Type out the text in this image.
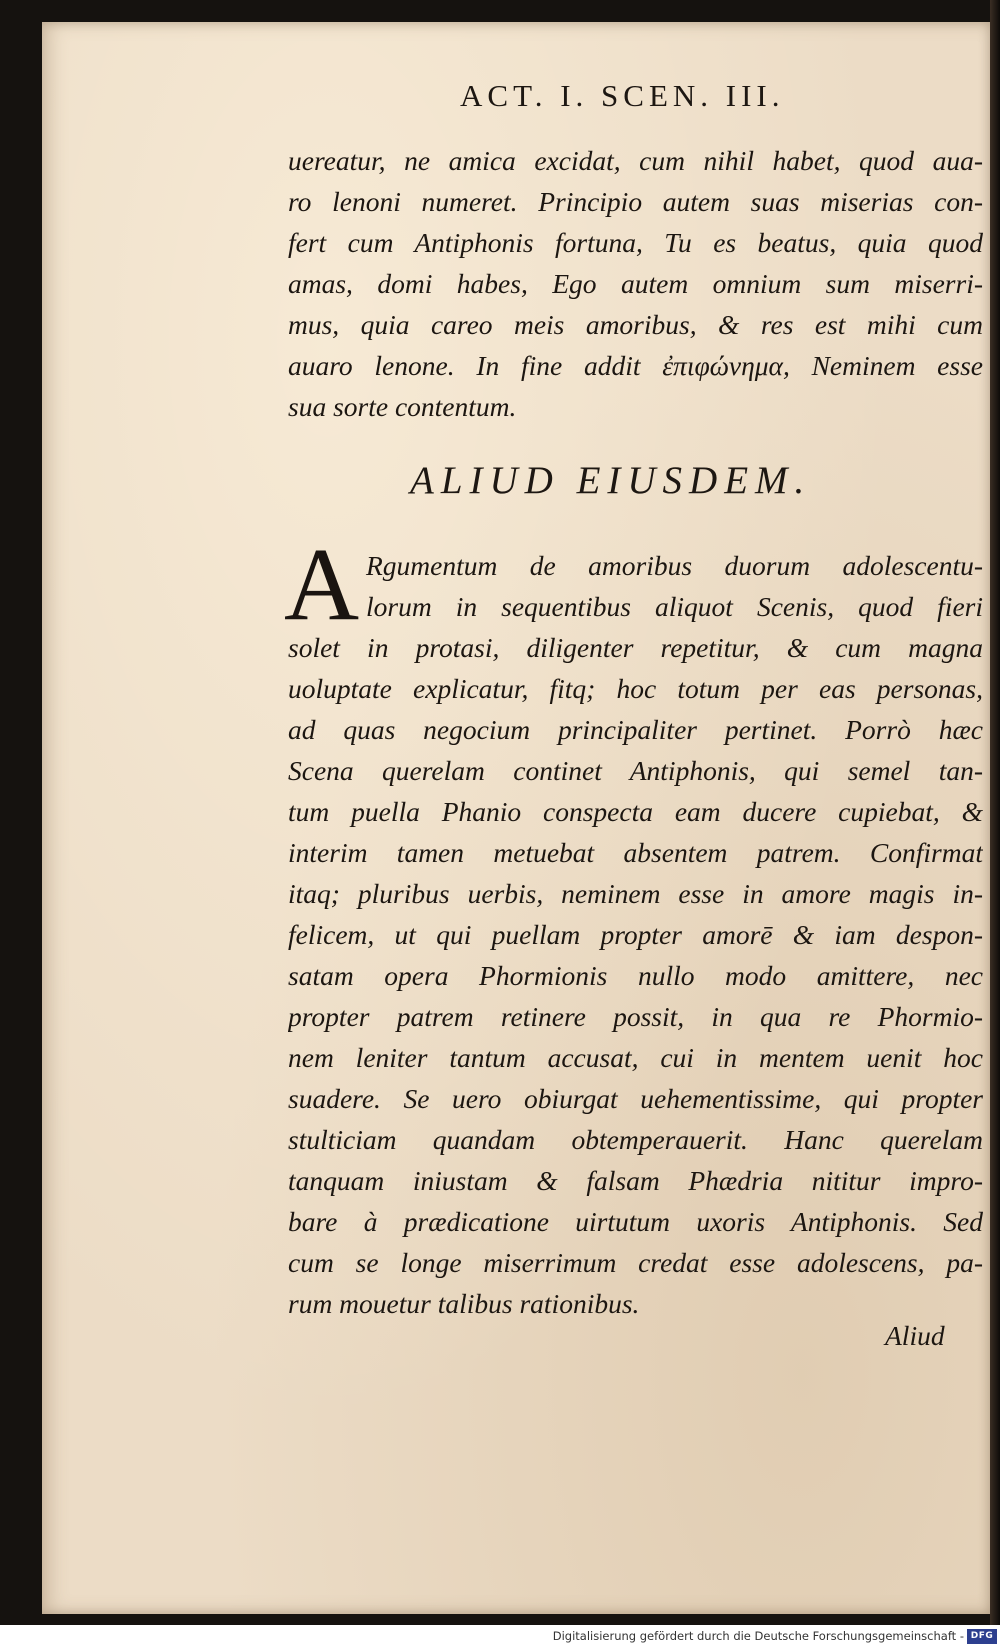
ACT. I. SCEN. III.
uereatur, ne amica excidat, cum nihil habet, quod aua-
ro lenoni numeret. Principio autem suas miserias con-
fert cum Antiphonis fortuna, Tu es beatus, quia quod
amas, domi habes, Ego autem omnium sum miserri-
mus, quia careo meis amoribus, & res est mihi cum
auaro lenone. In fine addit ἐπιφώνημα, Neminem esse
sua sorte contentum.
ALIUD EIUSDEM.
A Rgumentum de amoribus duorum adolescentu-
lorum in sequentibus aliquot Scenis, quod fieri
solet in protasi, diligenter repetitur, & cum magna
uoluptate explicatur, fitq; hoc totum per eas personas,
ad quas negocium principaliter pertinet. Porrò hæc
Scena querelam continet Antiphonis, qui semel tan-
tum puella Phanio conspecta eam ducere cupiebat, &
interim tamen metuebat absentem patrem. Confirmat
itaq; pluribus uerbis, neminem esse in amore magis in-
felicem, ut qui puellam propter amorē & iam despon-
satam opera Phormionis nullo modo amittere, nec
propter patrem retinere possit, in qua re Phormio-
nem leniter tantum accusat, cui in mentem uenit hoc
suadere. Se uero obiurgat uehementissime, qui propter
stulticiam quandam obtemperauerit. Hanc querelam
tanquam iniustam & falsam Phædria nititur impro-
bare à prædicatione uirtutum uxoris Antiphonis. Sed
cum se longe miserrimum credat esse adolescens, pa-
rum mouetur talibus rationibus.
Aliud
Digitalisierung gefördert durch die Deutsche Forschungsgemeinschaft - DFG
